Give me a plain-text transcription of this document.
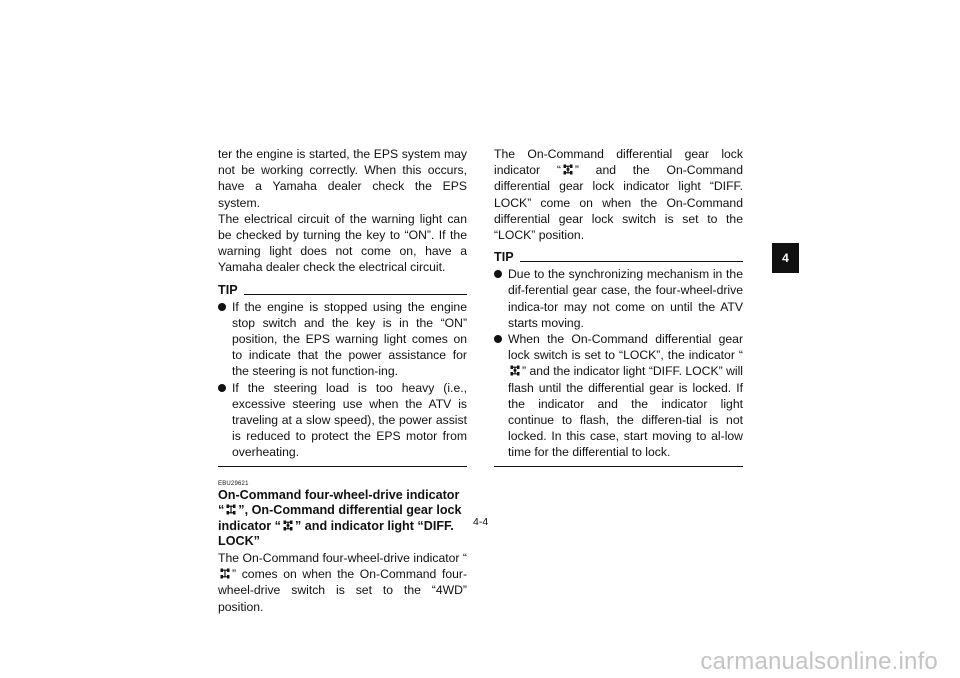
ter the engine is started, the EPS system may not be working correctly. When this occurs, have a Yamaha dealer check the EPS system.

The electrical circuit of the warning light can be checked by turning the key to “ON”. If the warning light does not come on, have a Yamaha dealer check the electrical circuit.

TIP
If the engine is stopped using the engine stop switch and the key is in the “ON” position, the EPS warning light comes on to indicate that the power assistance for the steering is not function-ing.
If the steering load is too heavy (i.e., excessive steering use when the ATV is traveling at a slow speed), the power assist is reduced to protect the EPS motor from overheating.
EBU29621
On-Command four-wheel-drive indicator “ ”, On-Command differential gear lock indicator “ ” and indicator light “DIFF. LOCK”

The On-Command four-wheel-drive indicator “
” comes on when the On-Command four-wheel-drive switch is set to the “4WD” position.

The On-Command differential gear lock indicator “ ” and the On-Command differential gear lock indicator light “DIFF. LOCK” come on when the On-Command differential gear lock switch is set to the “LOCK” position.

TIP
Due to the synchronizing mechanism in the dif-ferential gear case, the four-wheel-drive indica-tor may not come on until the ATV starts moving.
When the On-Command differential gear lock switch is set to “LOCK”, the indicator “
” and the indicator light “DIFF. LOCK” will flash until the differential gear is locked. If the indicator and the indicator light continue to flash, the differen-tial is not locked. In this case, start moving to al-low time for the differential to lock.
4
4-4
carmanualsonline.info
